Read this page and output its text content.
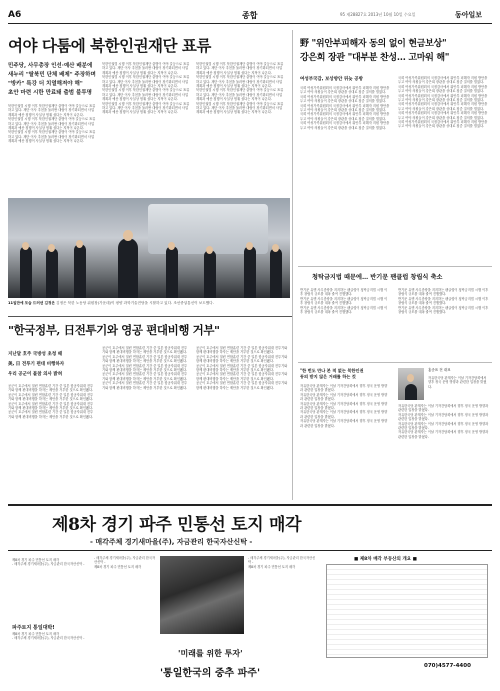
A6	종합	95 제28827호 2013년 10월 10일 수요일	동아일보
여야 다툼에 북한인권재단 표류
민주당, 사무총장 인선·예산 배분에
새누리 "탈북민 단체 배제" 주장하며
"방카" 특강 더 치열해져야 해"
초안 마련 시한 만료돼 출범 불투명
북한인권법 시행 이후 북한인권재단 출범이 여야 갈등으로 표류하고 있다. 재단 이사 추천을 둘러싼 대립이 장기화되면서 사업 계획과 예산 집행이 사실상 멈춰 섰다는 지적이 나온다.
북한인권법 시행 이후 북한인권재단 출범이 여야 갈등으로 표류하고 있다. 재단 이사 추천을 둘러싼 대립이 장기화되면서 사업 계획과 예산 집행이 사실상 멈춰 섰다는 지적이 나온다.
북한인권법 시행 이후 북한인권재단 출범이 여야 갈등으로 표류하고 있다. 재단 이사 추천을 둘러싼 대립이 장기화되면서 사업 계획과 예산 집행이 사실상 멈춰 섰다는 지적이 나온다.
북한인권법 시행 이후 북한인권재단 출범이 여야 갈등으로 표류하고 있다. 재단 이사 추천을 둘러싼 대립이 장기화되면서 사업 계획과 예산 집행이 사실상 멈춰 섰다는 지적이 나온다.
북한인권법 시행 이후 북한인권재단 출범이 여야 갈등으로 표류하고 있다. 재단 이사 추천을 둘러싼 대립이 장기화되면서 사업 계획과 예산 집행이 사실상 멈춰 섰다는 지적이 나온다.
북한인권법 시행 이후 북한인권재단 출범이 여야 갈등으로 표류하고 있다. 재단 이사 추천을 둘러싼 대립이 장기화되면서 사업 계획과 예산 집행이 사실상 멈춰 섰다는 지적이 나온다.
북한인권법 시행 이후 북한인권재단 출범이 여야 갈등으로 표류하고 있다. 재단 이사 추천을 둘러싼 대립이 장기화되면서 사업 계획과 예산 집행이 사실상 멈춰 섰다는 지적이 나온다.
북한인권법 시행 이후 북한인권재단 출범이 여야 갈등으로 표류하고 있다. 재단 이사 추천을 둘러싼 대립이 장기화되면서 사업 계획과 예산 집행이 사실상 멈춰 섰다는 지적이 나온다.
북한인권법 시행 이후 북한인권재단 출범이 여야 갈등으로 표류하고 있다. 재단 이사 추천을 둘러싼 대립이 장기화되면서 사업 계획과 예산 집행이 사실상 멈춰 섰다는 지적이 나온다.
북한인권법 시행 이후 북한인권재단 출범이 여야 갈등으로 표류하고 있다. 재단 이사 추천을 둘러싼 대립이 장기화되면서 사업 계획과 예산 집행이 사실상 멈춰 섰다는 지적이 나온다.
북한인권법 시행 이후 북한인권재단 출범이 여야 갈등으로 표류하고 있다. 재단 이사 추천을 둘러싼 대립이 장기화되면서 사업 계획과 예산 집행이 사실상 멈춰 섰다는 지적이 나온다.
野 "위안부피해자 동의 없이 현금보상"
강은희 장관 "대부분 찬성… 고마워 해"
여성부국감, 보상방안 뒤늦 공방
국회 여성가족위원회의 국정감사에서 위안부 피해자 지원 방안을 두고 여야 의원들이 강은희 장관을 상대로 집중 질의를 벌였다.
국회 여성가족위원회의 국정감사에서 위안부 피해자 지원 방안을 두고 여야 의원들이 강은희 장관을 상대로 집중 질의를 벌였다.
국회 여성가족위원회의 국정감사에서 위안부 피해자 지원 방안을 두고 여야 의원들이 강은희 장관을 상대로 집중 질의를 벌였다.
국회 여성가족위원회의 국정감사에서 위안부 피해자 지원 방안을 두고 여야 의원들이 강은희 장관을 상대로 집중 질의를 벌였다.
국회 여성가족위원회의 국정감사에서 위안부 피해자 지원 방안을 두고 여야 의원들이 강은희 장관을 상대로 집중 질의를 벌였다.
국회 여성가족위원회의 국정감사에서 위안부 피해자 지원 방안을 두고 여야 의원들이 강은희 장관을 상대로 집중 질의를 벌였다.
국회 여성가족위원회의 국정감사에서 위안부 피해자 지원 방안을 두고 여야 의원들이 강은희 장관을 상대로 집중 질의를 벌였다.
국회 여성가족위원회의 국정감사에서 위안부 피해자 지원 방안을 두고 여야 의원들이 강은희 장관을 상대로 집중 질의를 벌였다.
국회 여성가족위원회의 국정감사에서 위안부 피해자 지원 방안을 두고 여야 의원들이 강은희 장관을 상대로 집중 질의를 벌였다.
국회 여성가족위원회의 국정감사에서 위안부 피해자 지원 방안을 두고 여야 의원들이 강은희 장관을 상대로 집중 질의를 벌였다.
국회 여성가족위원회의 국정감사에서 위안부 피해자 지원 방안을 두고 여야 의원들이 강은희 장관을 상대로 집중 질의를 벌였다.
청탁금지법 때문에… 반기문 팬클럽 창립식 축소
반기문 유엔 사무총장을 지지하는 팬클럽이 청탁금지법 시행 이후 창립식 규모를 대폭 줄여 진행했다.
반기문 유엔 사무총장을 지지하는 팬클럽이 청탁금지법 시행 이후 창립식 규모를 대폭 줄여 진행했다.
반기문 유엔 사무총장을 지지하는 팬클럽이 청탁금지법 시행 이후 창립식 규모를 대폭 줄여 진행했다.
반기문 유엔 사무총장을 지지하는 팬클럽이 청탁금지법 시행 이후 창립식 규모를 대폭 줄여 진행했다.
반기문 유엔 사무총장을 지지하는 팬클럽이 청탁금지법 시행 이후 창립식 규모를 대폭 줄여 진행했다.
반기문 유엔 사무총장을 지지하는 팬클럽이 청탁금지법 시행 이후 창립식 규모를 대폭 줄여 진행했다.
"한 번도 만나 본 적 없는 북한인권
동의 받지 않은 거래를 하는 것
자유한국당 관계자는 이날 기자간담회에서 향후 정국 운영 방향과 관련한 입장을 밝혔다.
자유한국당 관계자는 이날 기자간담회에서 향후 정국 운영 방향과 관련한 입장을 밝혔다.
자유한국당 관계자는 이날 기자간담회에서 향후 정국 운영 방향과 관련한 입장을 밝혔다.
자유한국당 관계자는 이날 기자간담회에서 향후 정국 운영 방향과 관련한 입장을 밝혔다.
자유한국당 관계자는 이날 기자간담회에서 향후 정국 운영 방향과 관련한 입장을 밝혔다.
홍준표 전 대표
자유한국당 관계자는 이날 기자간담회에서 향후 정국 운영 방향과 관련한 입장을 밝혔다.
자유한국당 관계자는 이날 기자간담회에서 향후 정국 운영 방향과 관련한 입장을 밝혔다.
자유한국당 관계자는 이날 기자간담회에서 향후 정국 운영 방향과 관련한 입장을 밝혔다.
자유한국당 관계자는 이날 기자간담회에서 향후 정국 운영 방향과 관련한 입장을 밝혔다.
자유한국당 관계자는 이날 기자간담회에서 향후 정국 운영 방향과 관련한 입장을 밝혔다.
11일만에 모습 드러낸 김정은 김정은 북한 노동당 위원장(가운데)이 평양 과학기술전당을 시찰하고 있다. 조선중앙통신이 보도했다.
"한국정부, 日전투기와 영공 편대비행 거부"
지난달 호주 국방성 초청 때
美, 日 전투기 편대 비행하자
우리 공군이 불참 의사 밝혀
공군이 호주에서 열린 연합훈련 기간 중 일본 항공자위대 전투기와 함께 편대비행을 하자는 제안을 거부한 것으로 확인됐다.
공군이 호주에서 열린 연합훈련 기간 중 일본 항공자위대 전투기와 함께 편대비행을 하자는 제안을 거부한 것으로 확인됐다.
공군이 호주에서 열린 연합훈련 기간 중 일본 항공자위대 전투기와 함께 편대비행을 하자는 제안을 거부한 것으로 확인됐다.
공군이 호주에서 열린 연합훈련 기간 중 일본 항공자위대 전투기와 함께 편대비행을 하자는 제안을 거부한 것으로 확인됐다.
공군이 호주에서 열린 연합훈련 기간 중 일본 항공자위대 전투기와 함께 편대비행을 하자는 제안을 거부한 것으로 확인됐다.
공군이 호주에서 열린 연합훈련 기간 중 일본 항공자위대 전투기와 함께 편대비행을 하자는 제안을 거부한 것으로 확인됐다.
공군이 호주에서 열린 연합훈련 기간 중 일본 항공자위대 전투기와 함께 편대비행을 하자는 제안을 거부한 것으로 확인됐다.
공군이 호주에서 열린 연합훈련 기간 중 일본 항공자위대 전투기와 함께 편대비행을 하자는 제안을 거부한 것으로 확인됐다.
공군이 호주에서 열린 연합훈련 기간 중 일본 항공자위대 전투기와 함께 편대비행을 하자는 제안을 거부한 것으로 확인됐다.
공군이 호주에서 열린 연합훈련 기간 중 일본 항공자위대 전투기와 함께 편대비행을 하자는 제안을 거부한 것으로 확인됐다.
공군이 호주에서 열린 연합훈련 기간 중 일본 항공자위대 전투기와 함께 편대비행을 하자는 제안을 거부한 것으로 확인됐다.
공군이 호주에서 열린 연합훈련 기간 중 일본 항공자위대 전투기와 함께 편대비행을 하자는 제안을 거부한 것으로 확인됐다.
공군이 호주에서 열린 연합훈련 기간 중 일본 항공자위대 전투기와 함께 편대비행을 하자는 제안을 거부한 것으로 확인됐다.
공군이 호주에서 열린 연합훈련 기간 중 일본 항공자위대 전투기와 함께 편대비행을 하자는 제안을 거부한 것으로 확인됐다.
제8차 경기 파주 민통선 토지 매각
- 매각주체 경기새마을(주), 자금관리 한국자산신탁 -
파주토지 통일대박!
제8차 경기 파주 민통선 토지 매각
- 매각주체 경기새마을(주), 자금관리 한국자산신탁 -
제8차 경기 파주 민통선 토지 매각
- 매각주체 경기새마을(주), 자금관리 한국자산신탁 -
'미래를 위한 투자'
'통일한국의 중추 파주'
- 매각주체 경기새마을(주), 자금관리 한국자산신탁 -
제8차 경기 파주 민통선 토지 매각
- 매각주체 경기새마을(주), 자금관리 한국자산신탁 -
제8차 경기 파주 민통선 토지 매각
■ 제8차 매각 부동산의 개요 ■
070)4577-4400
